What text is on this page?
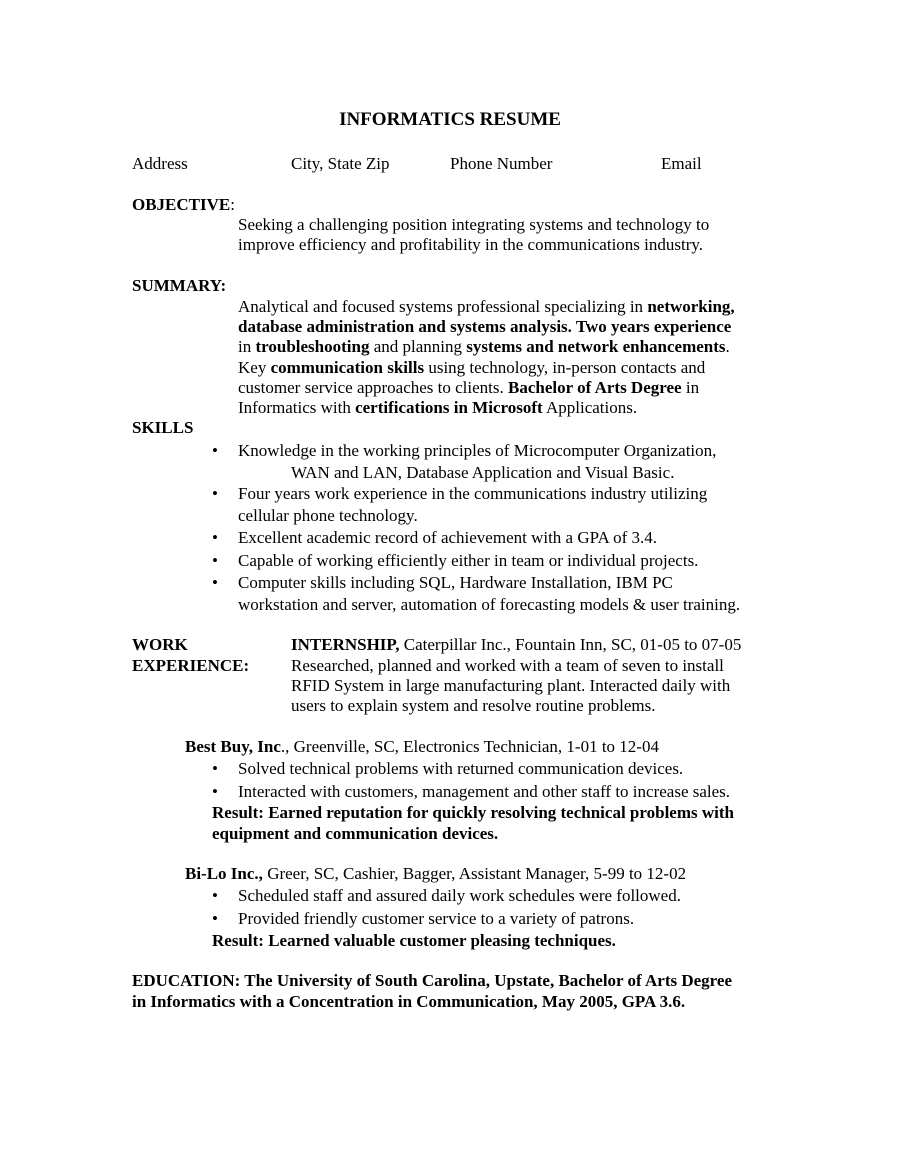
INFORMATICS RESUME
Address	City, State Zip	Phone Number	Email
OBJECTIVE:
Seeking a challenging position integrating systems and technology to
improve efficiency and profitability in the communications industry.
SUMMARY:
Analytical and focused systems professional specializing in networking,
database administration and systems analysis. Two years experience
in troubleshooting and planning systems and network enhancements.
Key communication skills using technology, in-person contacts and
customer service approaches to clients. Bachelor of Arts Degree in
Informatics with certifications in Microsoft Applications.
SKILLS
• Knowledge in the working principles of Microcomputer Organization,
WAN and LAN, Database Application and Visual Basic.
• Four years work experience in the communications industry utilizing
cellular phone technology.
• Excellent academic record of achievement with a GPA of 3.4.
• Capable of working efficiently either in team or individual projects.
• Computer skills including SQL, Hardware Installation, IBM PC
workstation and server, automation of forecasting models & user training.
WORK
EXPERIENCE:
INTERNSHIP, Caterpillar Inc., Fountain Inn, SC, 01-05 to 07-05
Researched, planned and worked with a team of seven to install
RFID System in large manufacturing plant. Interacted daily with
users to explain system and resolve routine problems.
Best Buy, Inc., Greenville, SC, Electronics Technician, 1-01 to 12-04
• Solved technical problems with returned communication devices.
• Interacted with customers, management and other staff to increase sales.
Result: Earned reputation for quickly resolving technical problems with
equipment and communication devices.
Bi-Lo Inc., Greer, SC, Cashier, Bagger, Assistant Manager, 5-99 to 12-02
• Scheduled staff and assured daily work schedules were followed.
• Provided friendly customer service to a variety of patrons.
Result: Learned valuable customer pleasing techniques.
EDUCATION: The University of South Carolina, Upstate, Bachelor of Arts Degree
in Informatics with a Concentration in Communication, May 2005, GPA 3.6.
